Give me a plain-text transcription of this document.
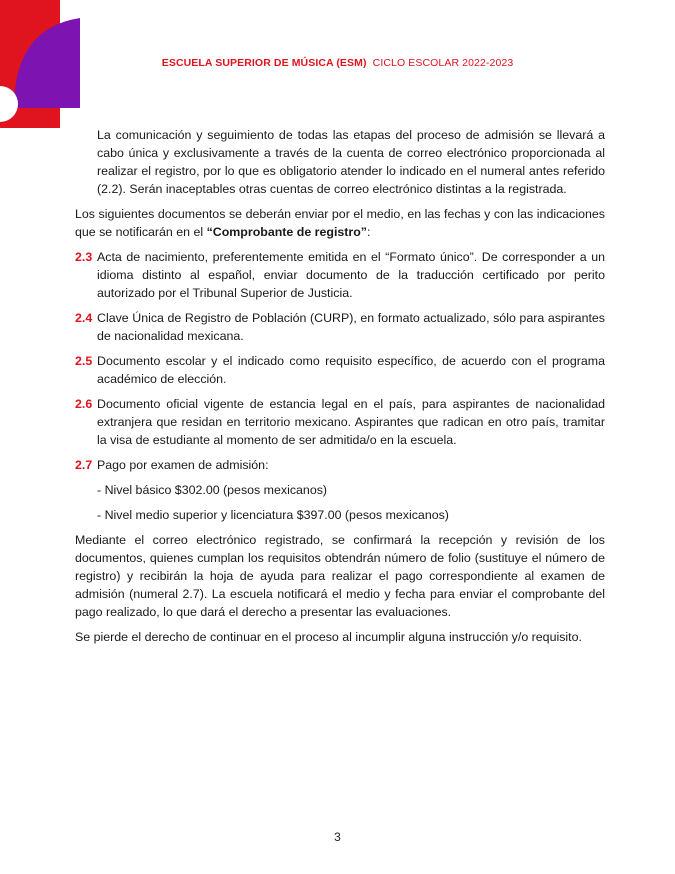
ESCUELA SUPERIOR DE MÚSICA (ESM) CICLO ESCOLAR 2022-2023

La comunicación y seguimiento de todas las etapas del proceso de admisión se llevará a cabo única y exclusivamente a través de la cuenta de correo electrónico proporcionada al realizar el registro, por lo que es obligatorio atender lo indicado en el numeral antes referido (2.2). Serán inaceptables otras cuentas de correo electrónico distintas a la registrada.

Los siguientes documentos se deberán enviar por el medio, en las fechas y con las indicaciones que se notificarán en el “Comprobante de registro”:

2.3 Acta de nacimiento, preferentemente emitida en el “Formato único”. De corresponder a un idioma distinto al español, enviar documento de la traducción certificado por perito autorizado por el Tribunal Superior de Justicia.
2.4 Clave Única de Registro de Población (CURP), en formato actualizado, sólo para aspirantes de nacionalidad mexicana.
2.5 Documento escolar y el indicado como requisito específico, de acuerdo con el programa académico de elección.
2.6 Documento oficial vigente de estancia legal en el país, para aspirantes de nacionalidad extranjera que residan en territorio mexicano. Aspirantes que radican en otro país, tramitar la visa de estudiante al momento de ser admitida/o en la escuela.
2.7 Pago por examen de admisión:
- Nivel básico $302.00 (pesos mexicanos)
- Nivel medio superior y licenciatura $397.00 (pesos mexicanos)

Mediante el correo electrónico registrado, se confirmará la recepción y revisión de los documentos, quienes cumplan los requisitos obtendrán número de folio (sustituye el número de registro) y recibirán la hoja de ayuda para realizar el pago correspondiente al examen de admisión (numeral 2.7). La escuela notificará el medio y fecha para enviar el comprobante del pago realizado, lo que dará el derecho a presentar las evaluaciones.

Se pierde el derecho de continuar en el proceso al incumplir alguna instrucción y/o requisito.

3
